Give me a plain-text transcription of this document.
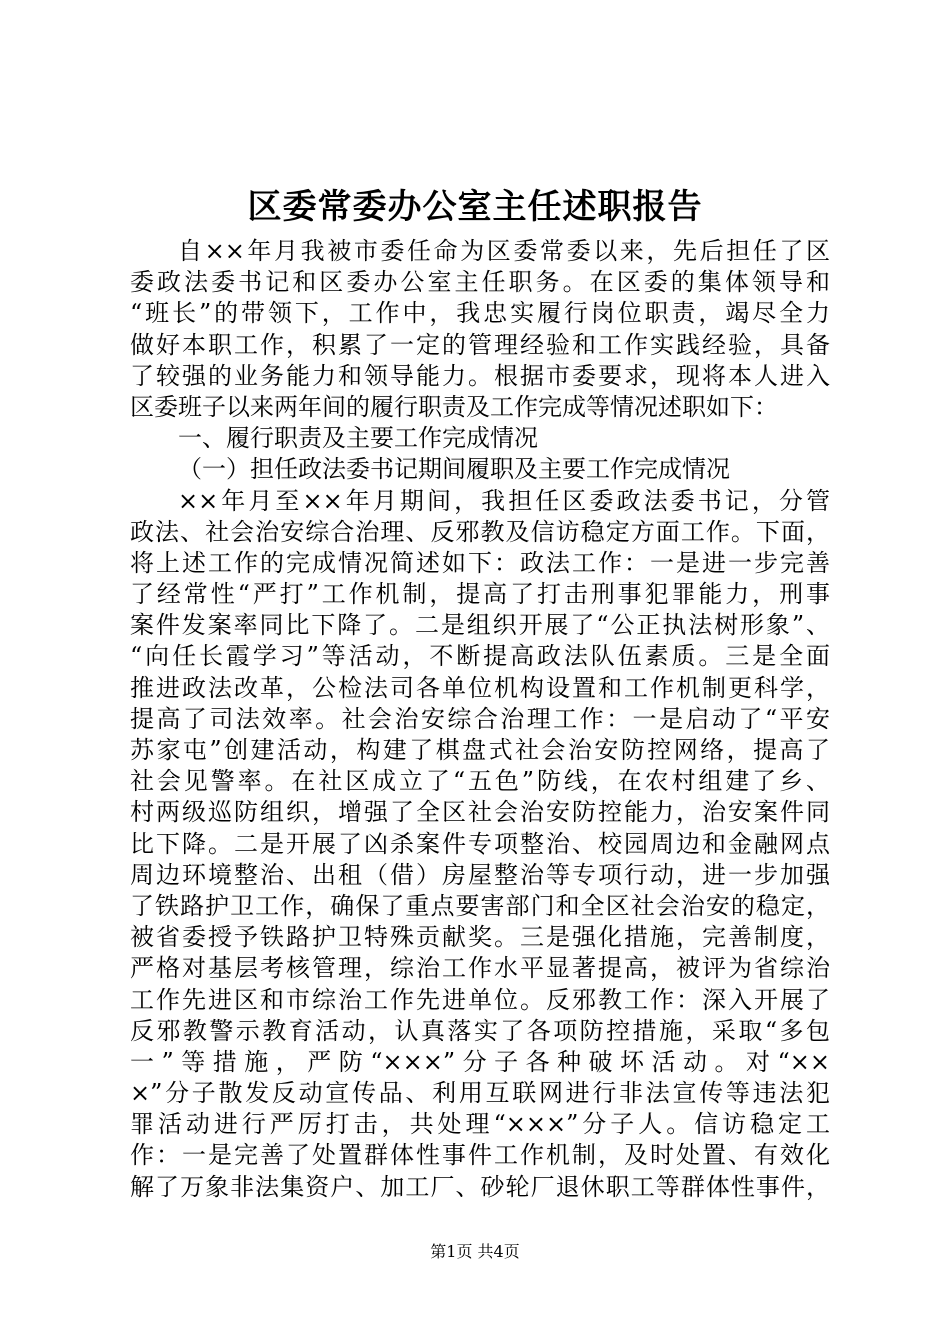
区委常委办公室主任述职报告
自××年月我被市委任命为区委常委以来，先后担任了区
委政法委书记和区委办公室主任职务。在区委的集体领导和
“班长”的带领下，工作中，我忠实履行岗位职责，竭尽全力
做好本职工作，积累了一定的管理经验和工作实践经验，具备
了较强的业务能力和领导能力。根据市委要求，现将本人进入
区委班子以来两年间的履行职责及工作完成等情况述职如下：
一、履行职责及主要工作完成情况
（一）担任政法委书记期间履职及主要工作完成情况
××年月至××年月期间，我担任区委政法委书记，分管
政法、社会治安综合治理、反邪教及信访稳定方面工作。下面，
将上述工作的完成情况简述如下：政法工作：一是进一步完善
了经常性“严打”工作机制，提高了打击刑事犯罪能力，刑事
案件发案率同比下降了。二是组织开展了“公正执法树形象”、
“向任长霞学习”等活动，不断提高政法队伍素质。三是全面
推进政法改革，公检法司各单位机构设置和工作机制更科学，
提高了司法效率。社会治安综合治理工作：一是启动了“平安
苏家屯”创建活动，构建了棋盘式社会治安防控网络，提高了
社会见警率。在社区成立了“五色”防线，在农村组建了乡、
村两级巡防组织，增强了全区社会治安防控能力，治安案件同
比下降。二是开展了凶杀案件专项整治、校园周边和金融网点
周边环境整治、出租（借）房屋整治等专项行动，进一步加强
了铁路护卫工作，确保了重点要害部门和全区社会治安的稳定，
被省委授予铁路护卫特殊贡献奖。三是强化措施，完善制度，
严格对基层考核管理，综治工作水平显著提高，被评为省综治
工作先进区和市综治工作先进单位。反邪教工作：深入开展了
反邪教警示教育活动，认真落实了各项防控措施，采取“多包
一”等措施，严防“×××”分子各种破坏活动。对“××
×”分子散发反动宣传品、利用互联网进行非法宣传等违法犯
罪活动进行严厉打击，共处理“×××”分子人。信访稳定工
作：一是完善了处置群体性事件工作机制，及时处置、有效化
解了万象非法集资户、加工厂、砂轮厂退休职工等群体性事件，
第1页 共4页
